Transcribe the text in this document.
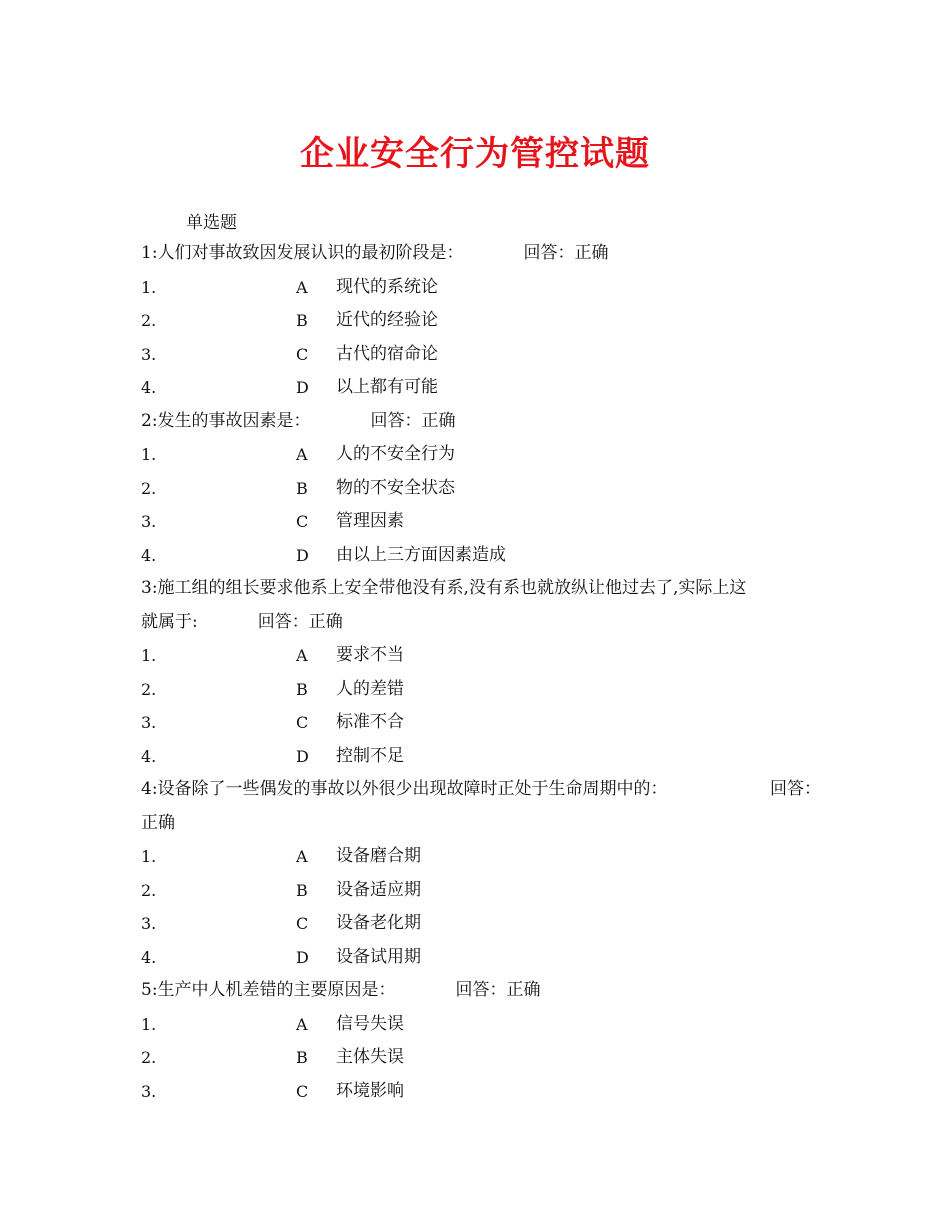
企业安全行为管控试题
单选题
1:人们对事故致因发展认识的最初阶段是：	回答：正确
1.	A	现代的系统论
2.	B	近代的经验论
3.	C	古代的宿命论
4.	D	以上都有可能
2:发生的事故因素是：	回答：正确
1.	A	人的不安全行为
2.	B	物的不安全状态
3.	C	管理因素
4.	D	由以上三方面因素造成
3:施工组的组长要求他系上安全带他没有系,没有系也就放纵让他过去了,实际上这
就属于:	回答：正确
1.	A	要求不当
2.	B	人的差错
3.	C	标准不合
4.	D	控制不足
4:设备除了一些偶发的事故以外很少出现故障时正处于生命周期中的：	回答：
正确
1.	A	设备磨合期
2.	B	设备适应期
3.	C	设备老化期
4.	D	设备试用期
5:生产中人机差错的主要原因是：	回答：正确
1.	A	信号失误
2.	B	主体失误
3.	C	环境影响
